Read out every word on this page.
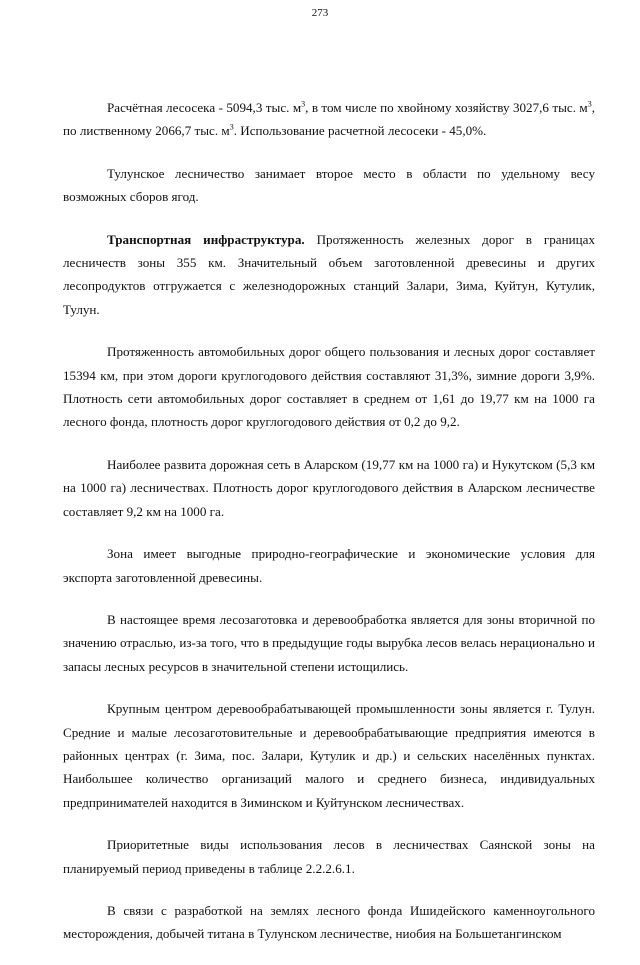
273

Расчётная лесосека - 5094,3 тыс. $м^3$, в том числе по хвойному хозяйству 3027,6 тыс. $м^3$, по лиственному 2066,7 тыс. $м^3$. Использование расчетной лесосеки - 45,0%.

Тулунское лесничество занимает второе место в области по удельному весу возможных сборов ягод.

Транспортная инфраструктура. Протяженность железных дорог в границах лесничеств зоны 355 км. Значительный объем заготовленной древесины и других лесопродуктов отгружается с железнодорожных станций Залари, Зима, Куйтун, Кутулик, Тулун.

Протяженность автомобильных дорог общего пользования и лесных дорог составляет 15394 км, при этом дороги круглогодового действия составляют 31,3%, зимние дороги 3,9%. Плотность сети автомобильных дорог составляет в среднем от 1,61 до 19,77 км на 1000 га лесного фонда, плотность дорог круглогодового действия от 0,2 до 9,2.

Наиболее развита дорожная сеть в Аларском (19,77 км на 1000 га) и Нукутском (5,3 км на 1000 га) лесничествах. Плотность дорог круглогодового действия в Аларском лесничестве составляет 9,2 км на 1000 га.

Зона имеет выгодные природно-географические и экономические условия для экспорта заготовленной древесины.

В настоящее время лесозаготовка и деревообработка является для зоны вторичной по значению отраслью, из-за того, что в предыдущие годы вырубка лесов велась нерационально и запасы лесных ресурсов в значительной степени истощились.

Крупным центром деревообрабатывающей промышленности зоны является г. Тулун. Средние и малые лесозаготовительные и деревообрабатывающие предприятия имеются в районных центрах (г. Зима, пос. Залари, Кутулик и др.) и сельских населённых пунктах. Наибольшее количество организаций малого и среднего бизнеса, индивидуальных предпринимателей находится в Зиминском и Куйтунском лесничествах.

Приоритетные виды использования лесов в лесничествах Саянской зоны на планируемый период приведены в таблице 2.2.2.6.1.

В связи с разработкой на землях лесного фонда Ишидейского каменноугольного месторождения, добычей титана в Тулунском лесничестве, ниобия на Большетангинском
